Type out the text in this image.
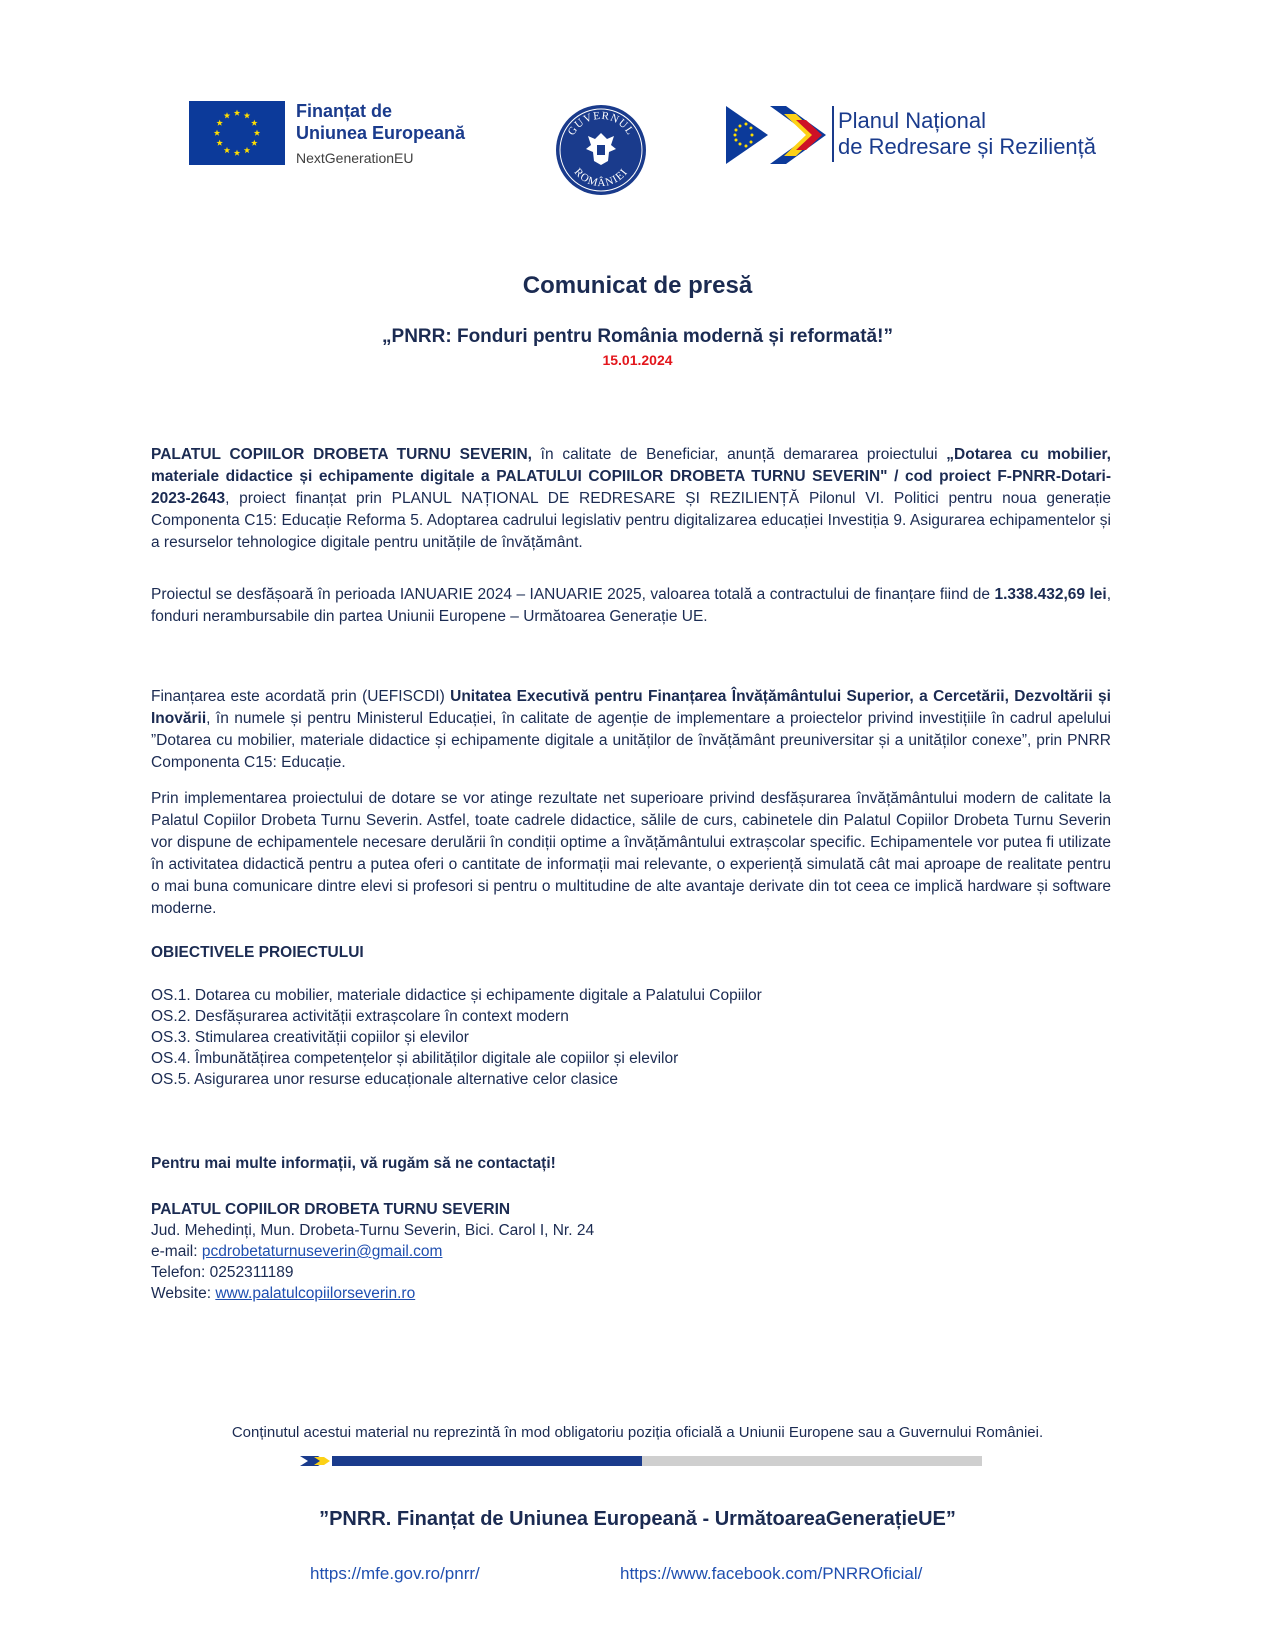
Finanțat de
Uniunea Europeană
NextGenerationEU
GUVERNUL
ROMÂNIEI
Planul Național
de Redresare și Reziliență
Comunicat de presă
„PNRR: Fonduri pentru România modernă și reformată!”
15.01.2024
PALATUL COPIILOR DROBETA TURNU SEVERIN, în calitate de Beneficiar, anunță demararea proiectului „Dotarea cu mobilier, materiale didactice și echipamente digitale a PALATULUI COPIILOR DROBETA TURNU SEVERIN" / cod proiect F-PNRR-Dotari-2023-2643, proiect finanțat prin PLANUL NAȚIONAL DE REDRESARE ȘI REZILIENȚĂ Pilonul VI. Politici pentru noua generație Componenta C15: Educație Reforma 5. Adoptarea cadrului legislativ pentru digitalizarea educației Investiția 9. Asigurarea echipamentelor și a resurselor tehnologice digitale pentru unitățile de învățământ.
Proiectul se desfășoară în perioada IANUARIE 2024 – IANUARIE 2025, valoarea totală a contractului de finanțare fiind de 1.338.432,69 lei, fonduri nerambursabile din partea Uniunii Europene – Următoarea Generație UE.
Finanțarea este acordată prin (UEFISCDI) Unitatea Executivă pentru Finanțarea Învățământului Superior, a Cercetării, Dezvoltării și Inovării, în numele și pentru Ministerul Educației, în calitate de agenție de implementare a proiectelor privind investițiile în cadrul apelului ”Dotarea cu mobilier, materiale didactice și echipamente digitale a unităților de învățământ preuniversitar și a unităților conexe”, prin PNRR Componenta C15: Educație.
Prin implementarea proiectului de dotare se vor atinge rezultate net superioare privind desfășurarea învățământului modern de calitate la Palatul Copiilor Drobeta Turnu Severin. Astfel, toate cadrele didactice, sălile de curs, cabinetele din Palatul Copiilor Drobeta Turnu Severin vor dispune de echipamentele necesare derulării în condiții optime a învățământului extrașcolar specific. Echipamentele vor putea fi utilizate în activitatea didactică pentru a putea oferi o cantitate de informații mai relevante, o experiență simulată cât mai aproape de realitate pentru o mai buna comunicare dintre elevi si profesori si pentru o multitudine de alte avantaje derivate din tot ceea ce implică hardware și software moderne.
OBIECTIVELE PROIECTULUI
OS.1. Dotarea cu mobilier, materiale didactice și echipamente digitale a Palatului Copiilor
OS.2. Desfășurarea activității extrașcolare în context modern
OS.3. Stimularea creativității copiilor și elevilor
OS.4. Îmbunătățirea competențelor și abilităților digitale ale copiilor și elevilor
OS.5. Asigurarea unor resurse educaționale alternative celor clasice
Pentru mai multe informații, vă rugăm să ne contactați!
PALATUL COPIILOR DROBETA TURNU SEVERIN
Jud. Mehedinți, Mun. Drobeta-Turnu Severin, Bici. Carol I, Nr. 24
e-mail: pcdrobetaturnuseverin@gmail.com
Telefon: 0252311189
Website: www.palatulcopiilorseverin.ro
Conținutul acestui material nu reprezintă în mod obligatoriu poziția oficială a Uniunii Europene sau a Guvernului României.
”PNRR. Finanțat de Uniunea Europeană - UrmătoareaGenerațieUE”
https://mfe.gov.ro/pnrr/	https://www.facebook.com/PNRROficial/
